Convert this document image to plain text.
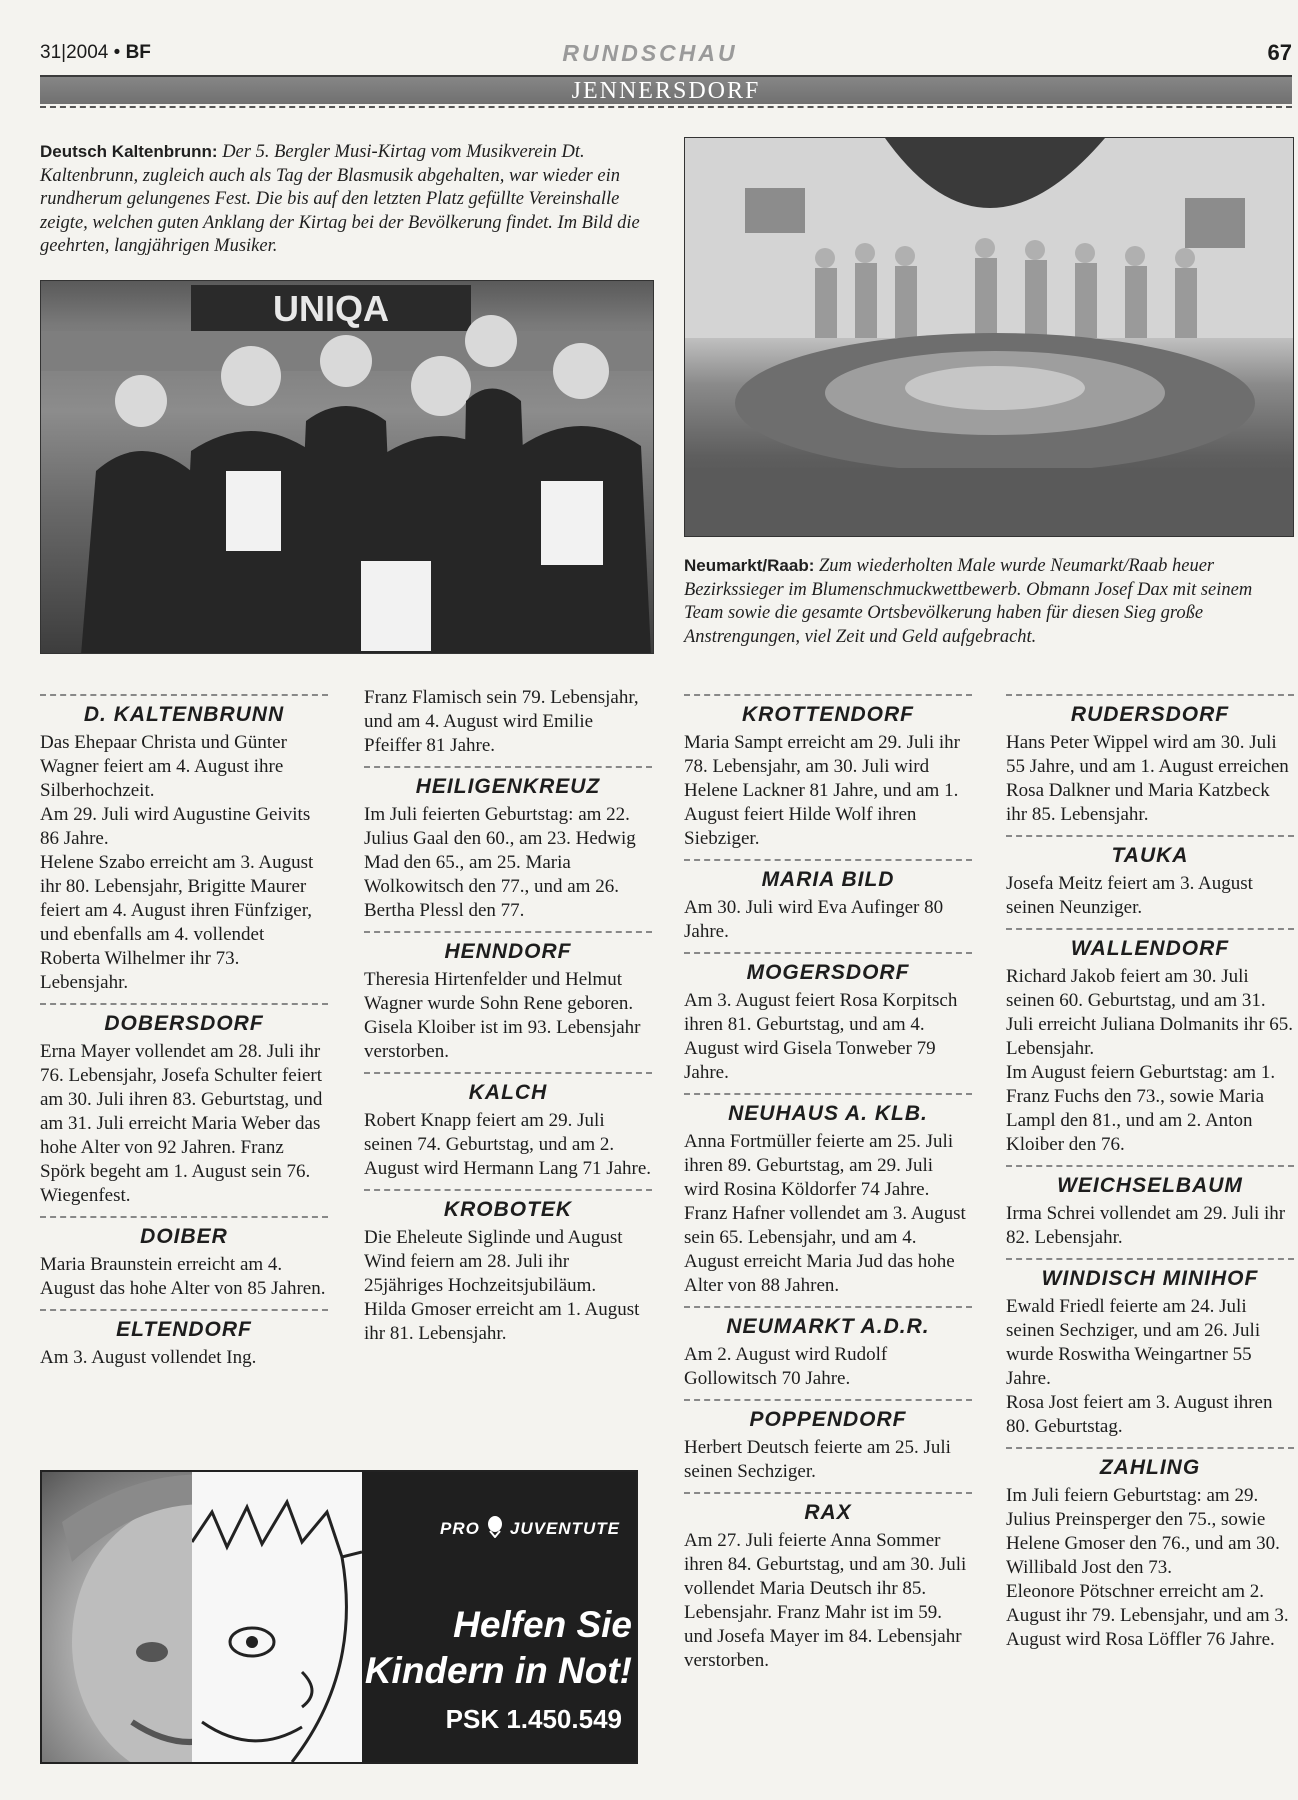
31|2004 • BF	RUNDSCHAU	67
JENNERSDORF
Deutsch Kaltenbrunn: Der 5. Bergler Musi-Kirtag vom Musikverein Dt. Kaltenbrunn, zugleich auch als Tag der Blasmusik abgehalten, war wieder ein rundherum gelungenes Fest. Die bis auf den letzten Platz gefüllte Vereinshalle zeigte, welchen guten Anklang der Kirtag bei der Bevölkerung findet. Im Bild die geehrten, langjährigen Musiker.
UNIQA
Neumarkt/Raab: Zum wiederholten Male wurde Neumarkt/Raab heuer Bezirkssieger im Blumenschmuckwettbewerb. Obmann Josef Dax mit seinem Team sowie die gesamte Ortsbevölkerung haben für diesen Sieg große Anstrengungen, viel Zeit und Geld aufgebracht.
D. KALTENBRUNN
Das Ehepaar Christa und Günter Wagner feiert am 4. August ihre Silberhochzeit.
Am 29. Juli wird Augustine Geivits 86 Jahre.
Helene Szabo erreicht am 3. August ihr 80. Lebensjahr, Brigitte Maurer feiert am 4. August ihren Fünfziger, und ebenfalls am 4. vollendet Roberta Wilhelmer ihr 73. Lebensjahr.
DOBERSDORF
Erna Mayer vollendet am 28. Juli ihr 76. Lebensjahr, Josefa Schulter feiert am 30. Juli ihren 83. Geburtstag, und am 31. Juli erreicht Maria Weber das hohe Alter von 92 Jahren. Franz Spörk begeht am 1. August sein 76. Wiegenfest.
DOIBER
Maria Braunstein erreicht am 4. August das hohe Alter von 85 Jahren.
ELTENDORF
Am 3. August vollendet Ing.
Franz Flamisch sein 79. Lebensjahr, und am 4. August wird Emilie Pfeiffer 81 Jahre.
HEILIGENKREUZ
Im Juli feierten Geburtstag: am 22. Julius Gaal den 60., am 23. Hedwig Mad den 65., am 25. Maria Wolkowitsch den 77., und am 26. Bertha Plessl den 77.
HENNDORF
Theresia Hirtenfelder und Helmut Wagner wurde Sohn Rene geboren.
Gisela Kloiber ist im 93. Lebensjahr verstorben.
KALCH
Robert Knapp feiert am 29. Juli seinen 74. Geburtstag, und am 2. August wird Hermann Lang 71 Jahre.
KROBOTEK
Die Eheleute Siglinde und August Wind feiern am 28. Juli ihr 25jähriges Hochzeitsjubiläum.
Hilda Gmoser erreicht am 1. August ihr 81. Lebensjahr.
KROTTENDORF
Maria Sampt erreicht am 29. Juli ihr 78. Lebensjahr, am 30. Juli wird Helene Lackner 81 Jahre, und am 1. August feiert Hilde Wolf ihren Siebziger.
MARIA BILD
Am 30. Juli wird Eva Aufinger 80 Jahre.
MOGERSDORF
Am 3. August feiert Rosa Korpitsch ihren 81. Geburtstag, und am 4. August wird Gisela Tonweber 79 Jahre.
NEUHAUS A. KLB.
Anna Fortmüller feierte am 25. Juli ihren 89. Geburtstag, am 29. Juli wird Rosina Köldorfer 74 Jahre.
Franz Hafner vollendet am 3. August sein 65. Lebensjahr, und am 4. August erreicht Maria Jud das hohe Alter von 88 Jahren.
NEUMARKT A.D.R.
Am 2. August wird Rudolf Gollowitsch 70 Jahre.
POPPENDORF
Herbert Deutsch feierte am 25. Juli seinen Sechziger.
RAX
Am 27. Juli feierte Anna Sommer ihren 84. Geburtstag, und am 30. Juli vollendet Maria Deutsch ihr 85. Lebensjahr. Franz Mahr ist im 59. und Josefa Mayer im 84. Lebensjahr verstorben.
RUDERSDORF
Hans Peter Wippel wird am 30. Juli 55 Jahre, und am 1. August erreichen Rosa Dalkner und Maria Katzbeck ihr 85. Lebensjahr.
TAUKA
Josefa Meitz feiert am 3. August seinen Neunziger.
WALLENDORF
Richard Jakob feiert am 30. Juli seinen 60. Geburtstag, und am 31. Juli erreicht Juliana Dolmanits ihr 65. Lebensjahr.
Im August feiern Geburtstag: am 1. Franz Fuchs den 73., sowie Maria Lampl den 81., und am 2. Anton Kloiber den 76.
WEICHSELBAUM
Irma Schrei vollendet am 29. Juli ihr 82. Lebensjahr.
WINDISCH MINIHOF
Ewald Friedl feierte am 24. Juli seinen Sechziger, und am 26. Juli wurde Roswitha Weingartner 55 Jahre.
Rosa Jost feiert am 3. August ihren 80. Geburtstag.
ZAHLING
Im Juli feiern Geburtstag: am 29. Julius Preinsperger den 75., sowie Helene Gmoser den 76., und am 30. Willibald Jost den 73.
Eleonore Pötschner erreicht am 2. August ihr 79. Lebensjahr, und am 3. August wird Rosa Löffler 76 Jahre.
PRO JUVENTUTE
Helfen Sie
Kindern in Not!
PSK 1.450.549
